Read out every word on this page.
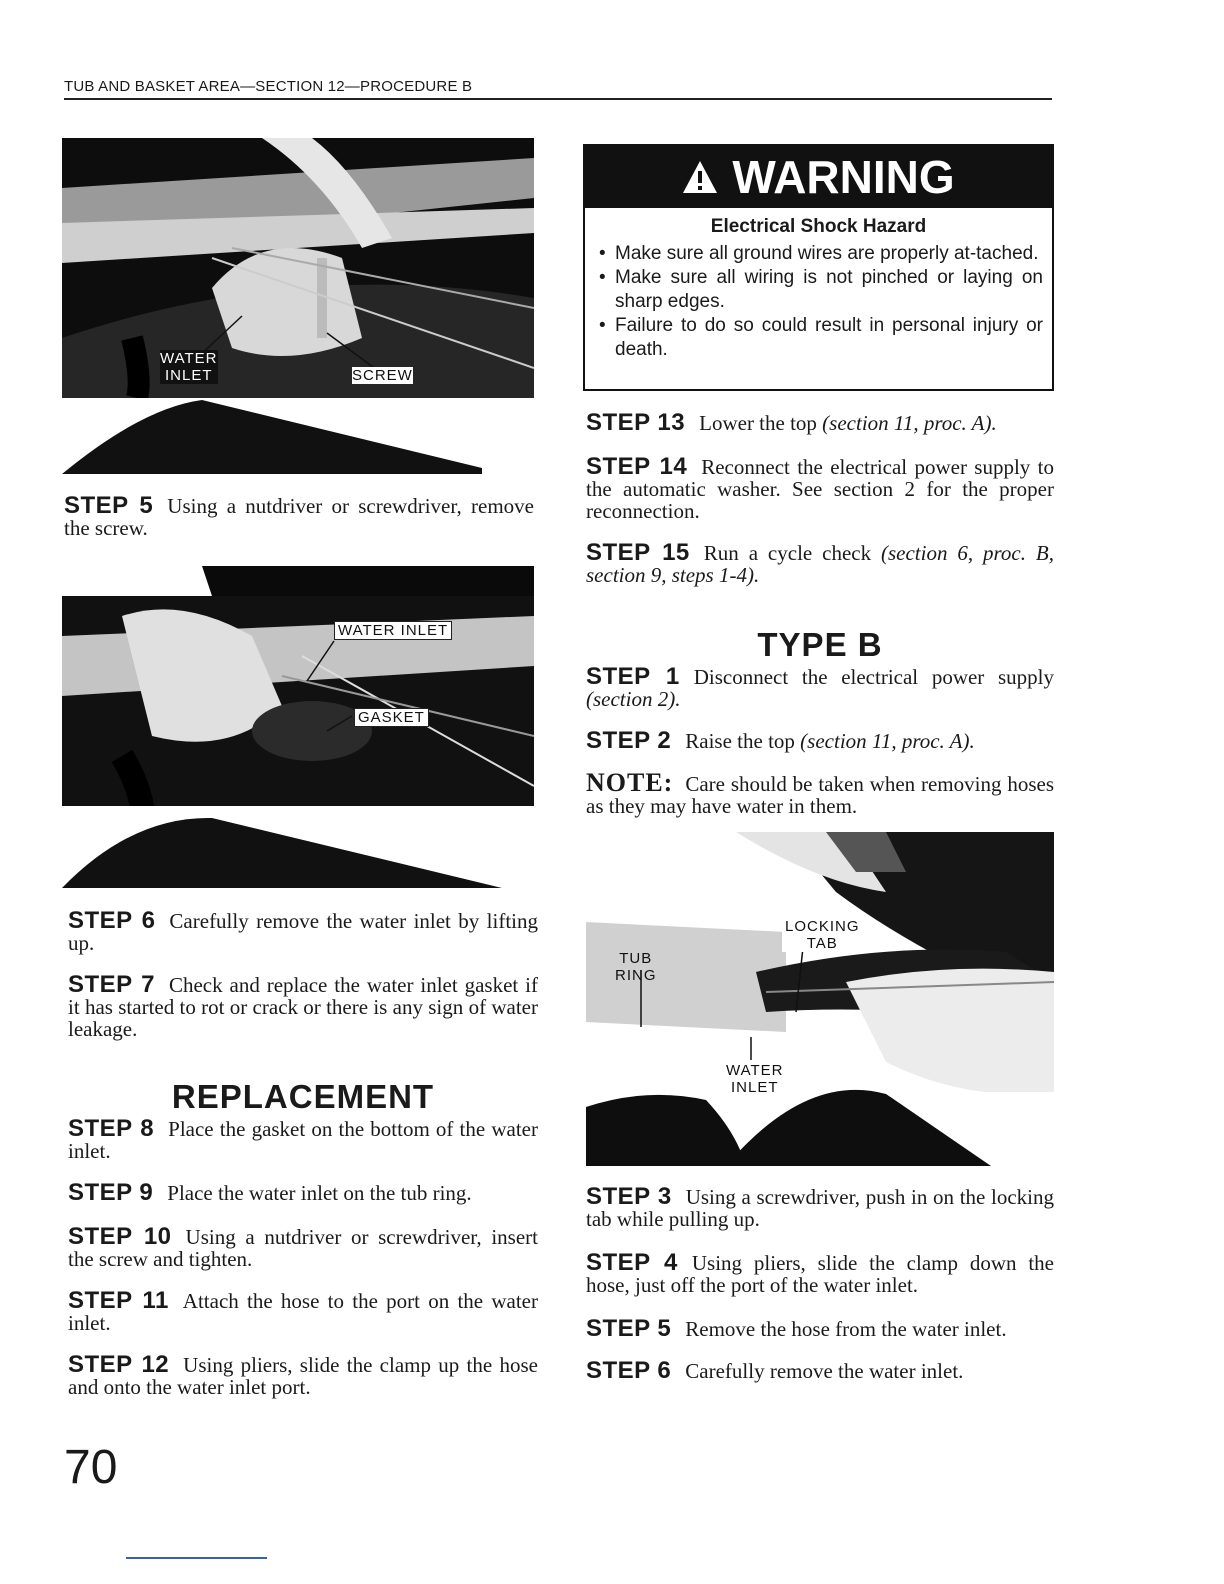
TUB AND BASKET AREA—SECTION 12—PROCEDURE B
WATER
INLET	SCREW
STEP 5 Using a nutdriver or screwdriver, remove the screw.
WATER INLET
GASKET
STEP 6 Carefully remove the water inlet by lifting up.
STEP 7 Check and replace the water inlet gasket if it has started to rot or crack or there is any sign of water leakage.
REPLACEMENT
STEP 8 Place the gasket on the bottom of the water inlet.
STEP 9 Place the water inlet on the tub ring.
STEP 10 Using a nutdriver or screwdriver, insert the screw and tighten.
STEP 11 Attach the hose to the port on the water inlet.
STEP 12 Using pliers, slide the clamp up the hose and onto the water inlet port.
WARNING
Electrical Shock Hazard
• Make sure all ground wires are properly at-tached.
• Make sure all wiring is not pinched or laying on sharp edges.
• Failure to do so could result in personal injury or death.
STEP 13 Lower the top (section 11, proc. A).
STEP 14 Reconnect the electrical power supply to the automatic washer. See section 2 for the proper reconnection.
STEP 15 Run a cycle check (section 6, proc. B, section 9, steps 1-4).
TYPE B
STEP 1 Disconnect the electrical power supply (section 2).
STEP 2 Raise the top (section 11, proc. A).
NOTE: Care should be taken when removing hoses as they may have water in them.
LOCKING
TAB
TUB
RING
WATER
INLET
STEP 3 Using a screwdriver, push in on the locking tab while pulling up.
STEP 4 Using pliers, slide the clamp down the hose, just off the port of the water inlet.
STEP 5 Remove the hose from the water inlet.
STEP 6 Carefully remove the water inlet.
70
